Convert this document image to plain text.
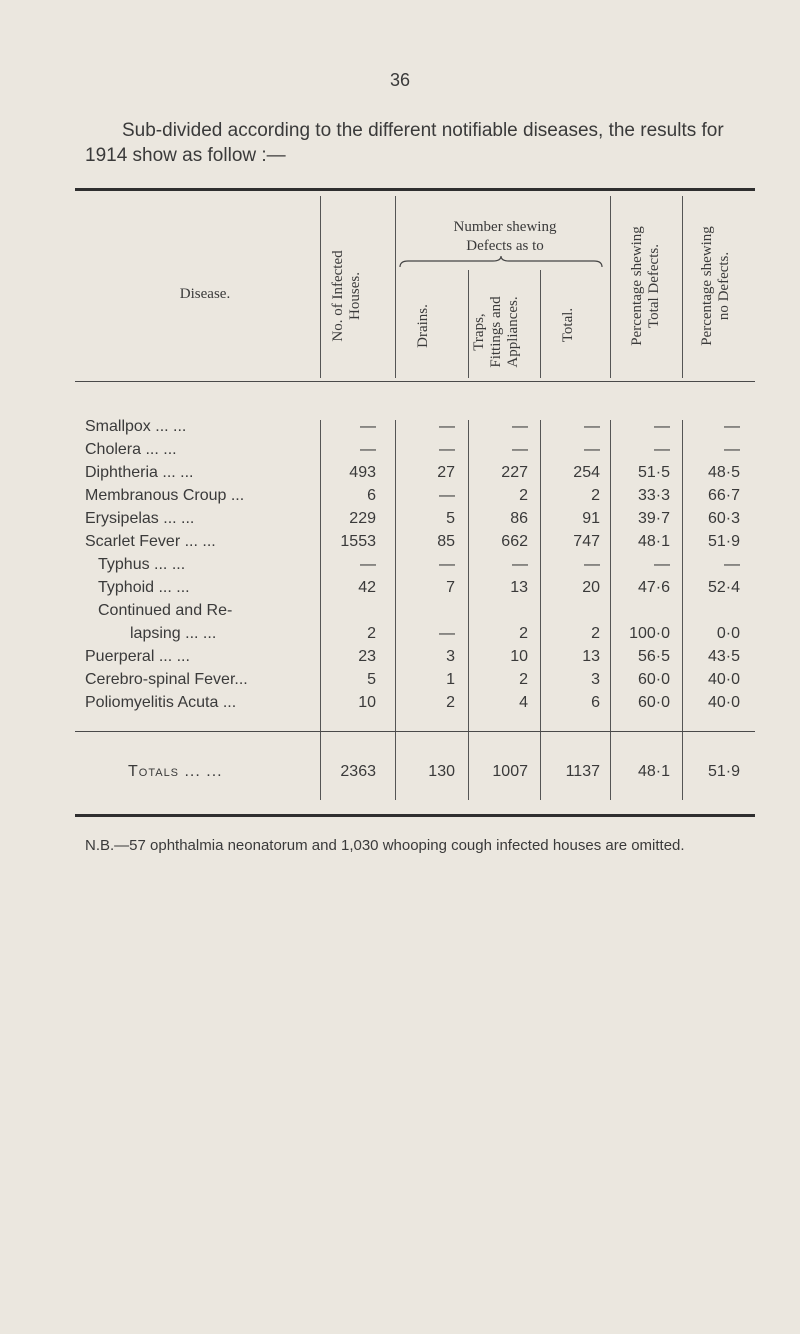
36
Sub-divided according to the different notifiable diseases, the results for 1914 show as follow :—
Disease.	No. of Infected Houses.
Number shewing
Defects as to
Drains.	Traps, Fittings and Appliances.	Total.	Percentage shewing Total Defects. Percentage shewing no Defects.
Smallpox ... ...	—	—	—	—	—	—
Cholera ... ...	—	—	—	—	—	—
Diphtheria ... ...	493	27	227	254	51·5	48·5
Membranous Croup ...	6	—	2	2	33·3	66·7
Erysipelas ... ...	229	5	86	91	39·7	60·3
Scarlet Fever ... ...	1553	85	662	747	48·1	51·9
Typhus ... ...	—	—	—	—	—	—
Typhoid ... ...	42	7	13	20	47·6	52·4
Continued and Re-
lapsing ... ...	2	—	2	2	100·0	0·0
Puerperal ... ...	23	3	10	13	56·5	43·5
Cerebro-spinal Fever...	5	1	2	3	60·0	40·0
Poliomyelitis Acuta ...	10	2	4	6	60·0	40·0
Totals ... ...	2363	130	1007	1137	48·1	51·9
N.B.—57 ophthalmia neonatorum and 1,030 whooping cough infected houses are omitted.
